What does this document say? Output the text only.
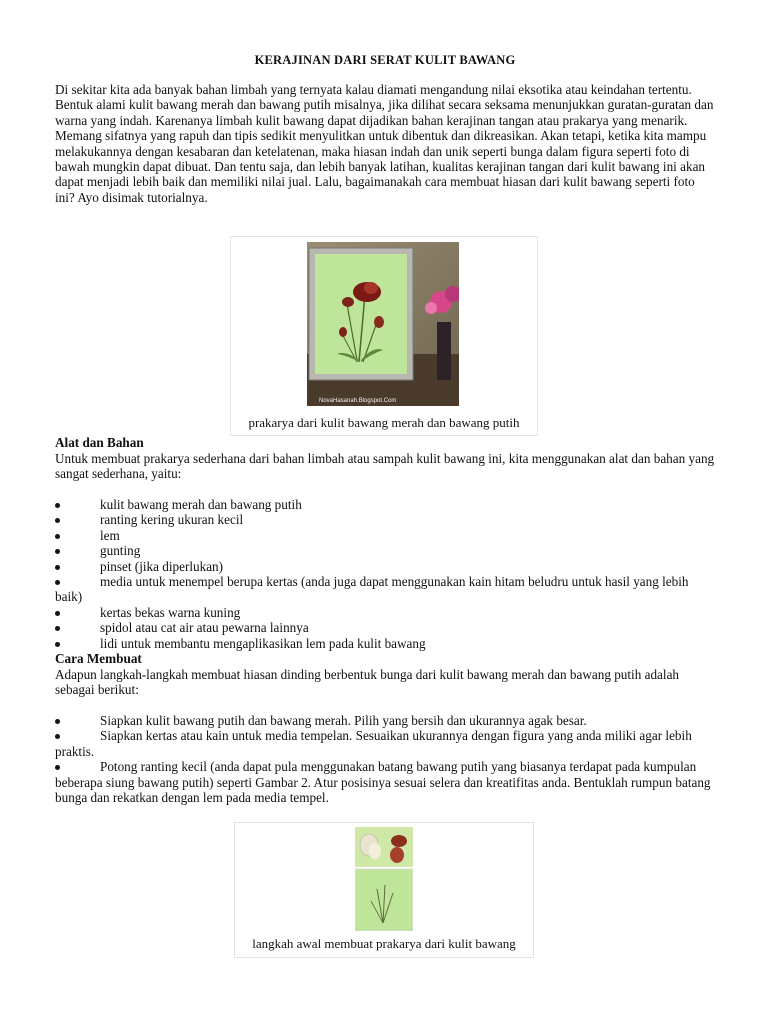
KERAJINAN DARI SERAT KULIT BAWANG

Di sekitar kita ada banyak bahan limbah yang ternyata kalau diamati mengandung nilai eksotika atau keindahan tertentu. Bentuk alami kulit bawang merah dan bawang putih misalnya, jika dilihat secara seksama menunjukkan guratan-guratan dan warna yang indah. Karenanya limbah kulit bawang dapat dijadikan bahan kerajinan tangan atau prakarya yang menarik. Memang sifatnya yang rapuh dan tipis sedikit menyulitkan untuk dibentuk dan dikreasikan. Akan tetapi, ketika kita mampu melakukannya dengan kesabaran dan ketelatenan, maka hiasan indah dan unik seperti bunga dalam figura seperti foto di bawah mungkin dapat dibuat. Dan tentu saja, dan lebih banyak latihan, kualitas kerajinan tangan dari kulit bawang ini akan dapat menjadi lebih baik dan memiliki nilai jual. Lalu, bagaimanakah cara membuat hiasan dari kulit bawang seperti foto ini? Ayo disimak tutorialnya.

NovaHasanah.Blogspot.Com
prakarya dari kulit bawang merah dan bawang putih

Alat dan Bahan

Untuk membuat prakarya sederhana dari bahan limbah atau sampah kulit bawang ini, kita menggunakan alat dan bahan yang sangat sederhana, yaitu:

kulit bawang merah dan bawang putih
ranting kering ukuran kecil
lem
gunting
pinset (jika diperlukan)
media untuk menempel berupa kertas (anda juga dapat menggunakan kain hitam beludru untuk hasil yang lebih baik)
kertas bekas warna kuning
spidol atau cat air atau pewarna lainnya
lidi untuk membantu mengaplikasikan lem pada kulit bawang

Cara Membuat

Adapun langkah-langkah membuat hiasan dinding berbentuk bunga dari kulit bawang merah dan bawang putih adalah sebagai berikut:

Siapkan kulit bawang putih dan bawang merah. Pilih yang bersih dan ukurannya agak besar.
Siapkan kertas atau kain untuk media tempelan. Sesuaikan ukurannya dengan figura yang anda miliki agar lebih praktis.
Potong ranting kecil (anda dapat pula menggunakan batang bawang putih yang biasanya terdapat pada kumpulan beberapa siung bawang putih) seperti Gambar 2. Atur posisinya sesuai selera dan kreatifitas anda. Bentuklah rumpun batang bunga dan rekatkan dengan lem pada media tempel.
langkah awal membuat prakarya dari kulit bawang
